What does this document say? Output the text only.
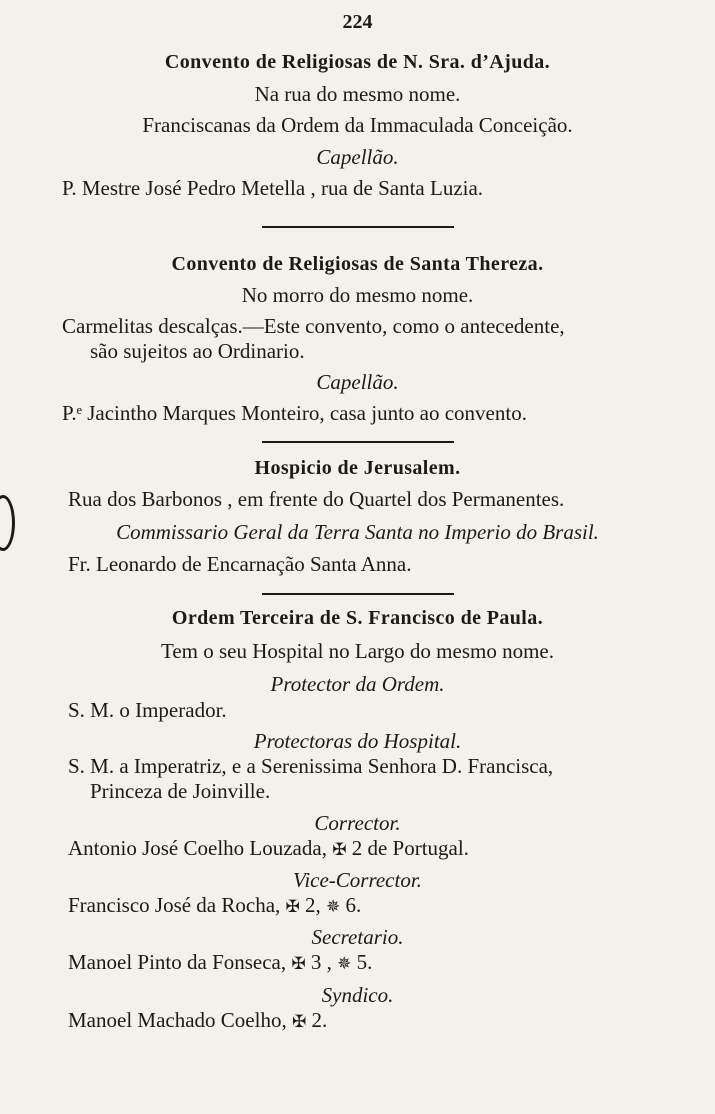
224
Convento de Religiosas de N. Sra. d’Ajuda.
Na rua do mesmo nome.
Franciscanas da Ordem da Immaculada Conceição.
Capellão.
P. Mestre José Pedro Metella , rua de Santa Luzia.
Convento de Religiosas de Santa Thereza.
No morro do mesmo nome.
Carmelitas descalças.—Este convento, como o antecedente,
são sujeitos ao Ordinario.
Capellão.
P.ᵉ Jacintho Marques Monteiro, casa junto ao convento.
Hospicio de Jerusalem.
Rua dos Barbonos , em frente do Quartel dos Permanentes.
Commissario Geral da Terra Santa no Imperio do Brasil.
Fr. Leonardo de Encarnação Santa Anna.
Ordem Terceira de S. Francisco de Paula.
Tem o seu Hospital no Largo do mesmo nome.
Protector da Ordem.
S. M. o Imperador.
Protectoras do Hospital.
S. M. a Imperatriz, e a Serenissima Senhora D. Francisca,
Princeza de Joinville.
Corrector.
Antonio José Coelho Louzada, ✠ 2 de Portugal.
Vice-Corrector.
Francisco José da Rocha, ✠ 2, ✵ 6.
Secretario.
Manoel Pinto da Fonseca, ✠ 3 , ✵ 5.
Syndico.
Manoel Machado Coelho, ✠ 2.
